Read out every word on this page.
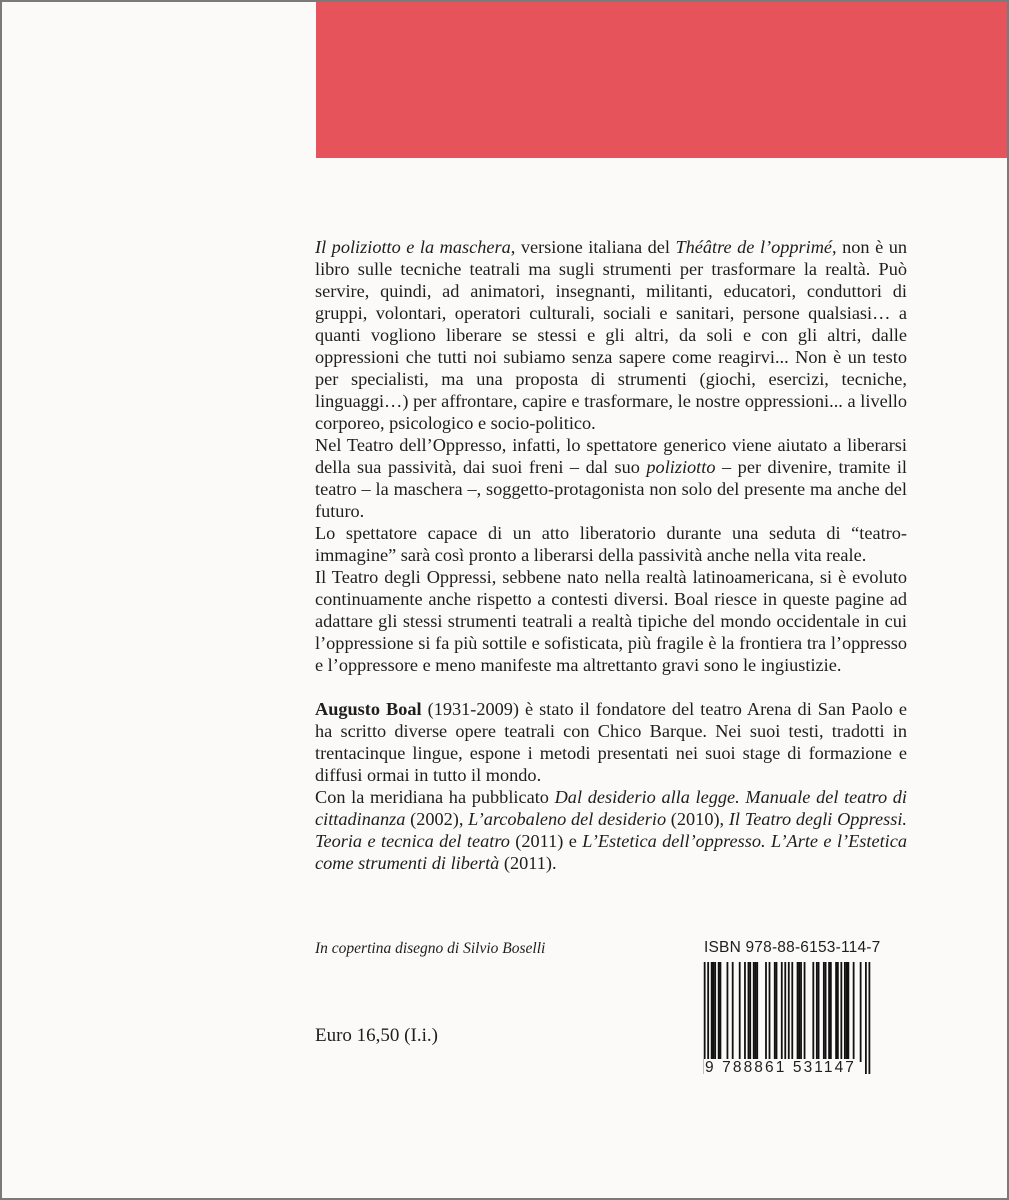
Il poliziotto e la maschera, versione italiana del Théâtre de l’opprimé, non è un libro sulle tecniche teatrali ma sugli strumenti per trasformare la realtà. Può servire, quindi, ad animatori, insegnanti, militanti, educatori, conduttori di gruppi, volontari, operatori culturali, sociali e sanitari, persone qualsiasi… a quanti vogliono liberare se stessi e gli altri, da soli e con gli altri, dalle oppressioni che tutti noi subiamo senza sapere come reagirvi... Non è un testo per specialisti, ma una proposta di strumenti (giochi, esercizi, tecniche, linguaggi…) per affrontare, capire e trasformare, le nostre oppressioni... a livello corporeo, psicologico e socio-politico.

Nel Teatro dell’Oppresso, infatti, lo spettatore generico viene aiutato a liberarsi della sua passività, dai suoi freni – dal suo poliziotto – per divenire, tramite il teatro – la maschera –, soggetto-protagonista non solo del presente ma anche del futuro.

Lo spettatore capace di un atto liberatorio durante una seduta di “teatro-immagine” sarà così pronto a liberarsi della passività anche nella vita reale.

Il Teatro degli Oppressi, sebbene nato nella realtà latinoamericana, si è evoluto continuamente anche rispetto a contesti diversi. Boal riesce in queste pagine ad adattare gli stessi strumenti teatrali a realtà tipiche del mondo occidentale in cui l’oppressione si fa più sottile e sofisticata, più fragile è la frontiera tra l’oppresso e l’oppressore e meno manifeste ma altrettanto gravi sono le ingiustizie.

Augusto Boal (1931-2009) è stato il fondatore del teatro Arena di San Paolo e ha scritto diverse opere teatrali con Chico Barque. Nei suoi testi, tradotti in trentacinque lingue, espone i metodi presentati nei suoi stage di formazione e diffusi ormai in tutto il mondo.

Con la meridiana ha pubblicato Dal desiderio alla legge. Manuale del teatro di cittadinanza (2002), L’arcobaleno del desiderio (2010), Il Teatro degli Oppressi. Teoria e tecnica del teatro (2011) e L’Estetica dell’oppresso. L’Arte e l’Estetica come strumenti di libertà (2011).

In copertina disegno di Silvio Boselli
Euro 16,50 (I.i.)
ISBN 978-88-6153-114-7
9 788861 531147
